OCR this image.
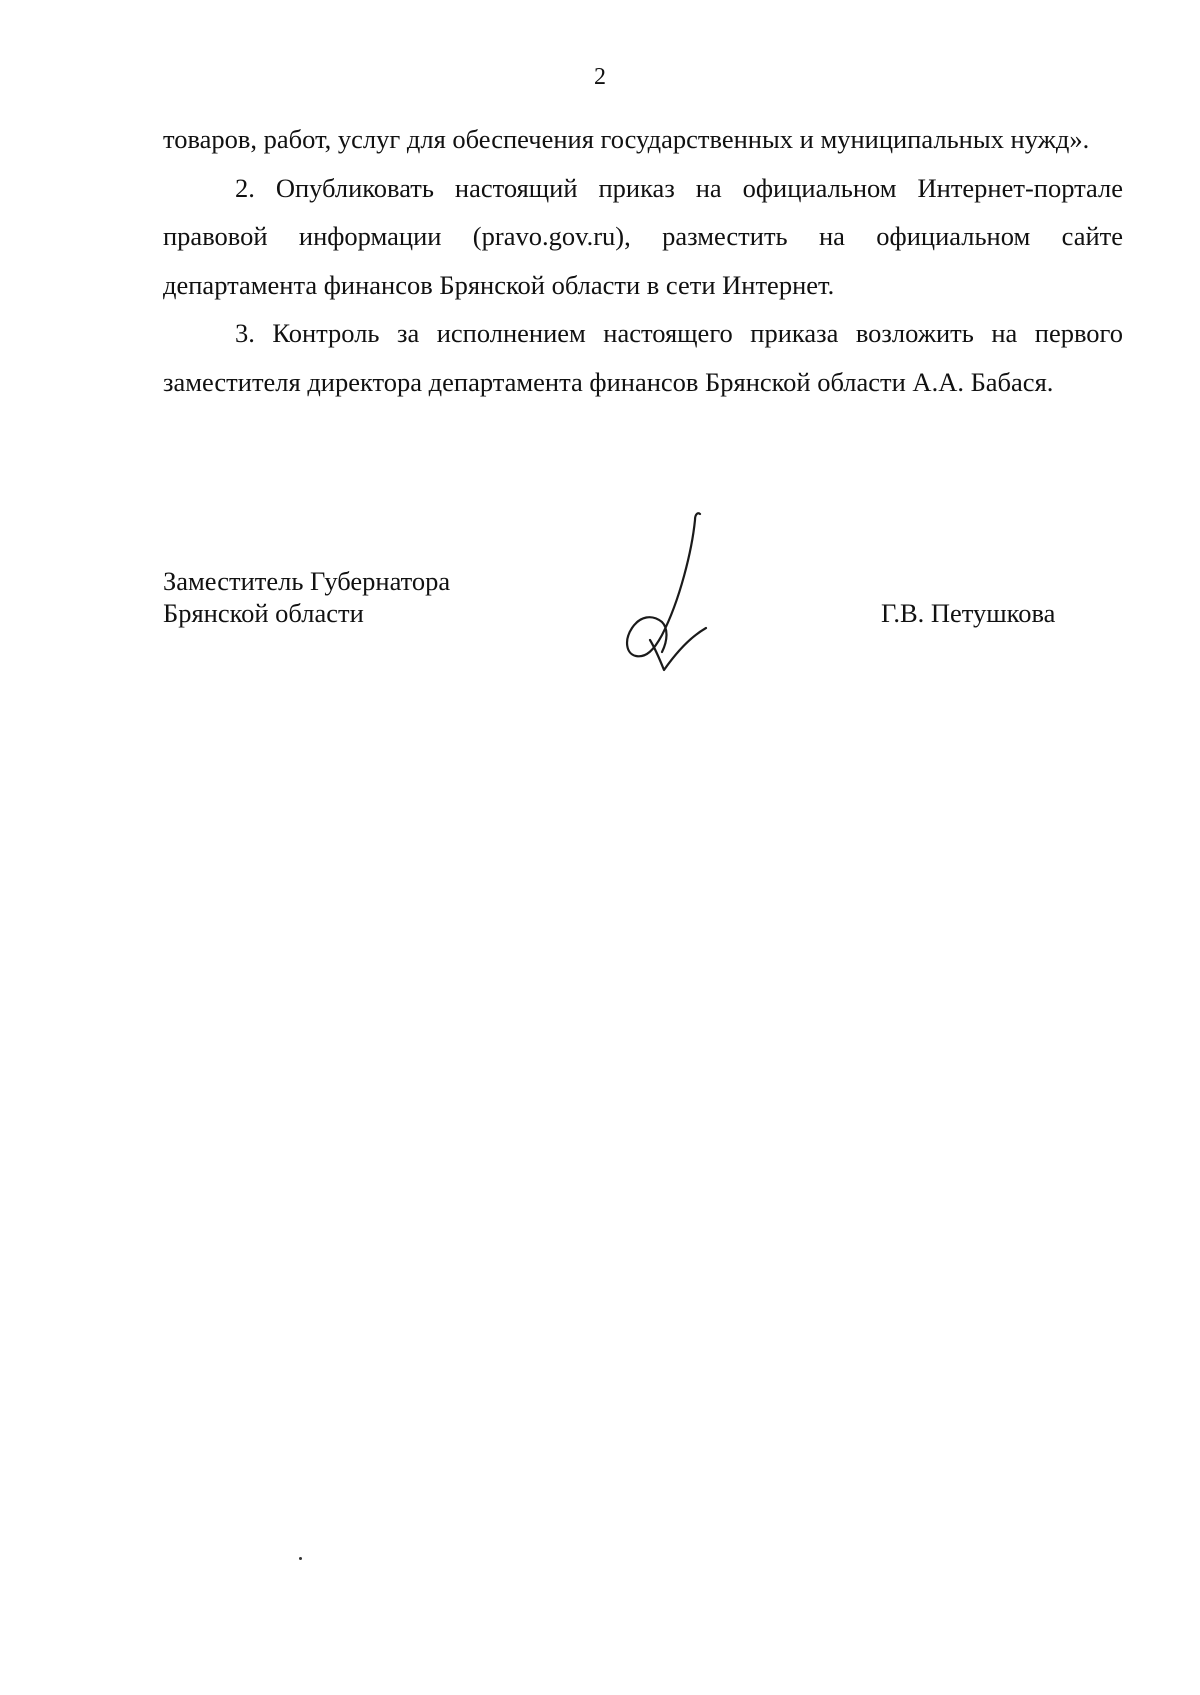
2

товаров, работ, услуг для обеспечения государственных и муниципальных нужд».

2. Опубликовать настоящий приказ на официальном Интернет-портале правовой информации (pravo.gov.ru), разместить на официальном сайте департамента финансов Брянской области в сети Интернет.

3. Контроль за исполнением настоящего приказа возложить на первого заместителя директора департамента финансов Брянской области А.А. Бабася.

Заместитель Губернатора
Брянской области	Г.В. Петушкова
